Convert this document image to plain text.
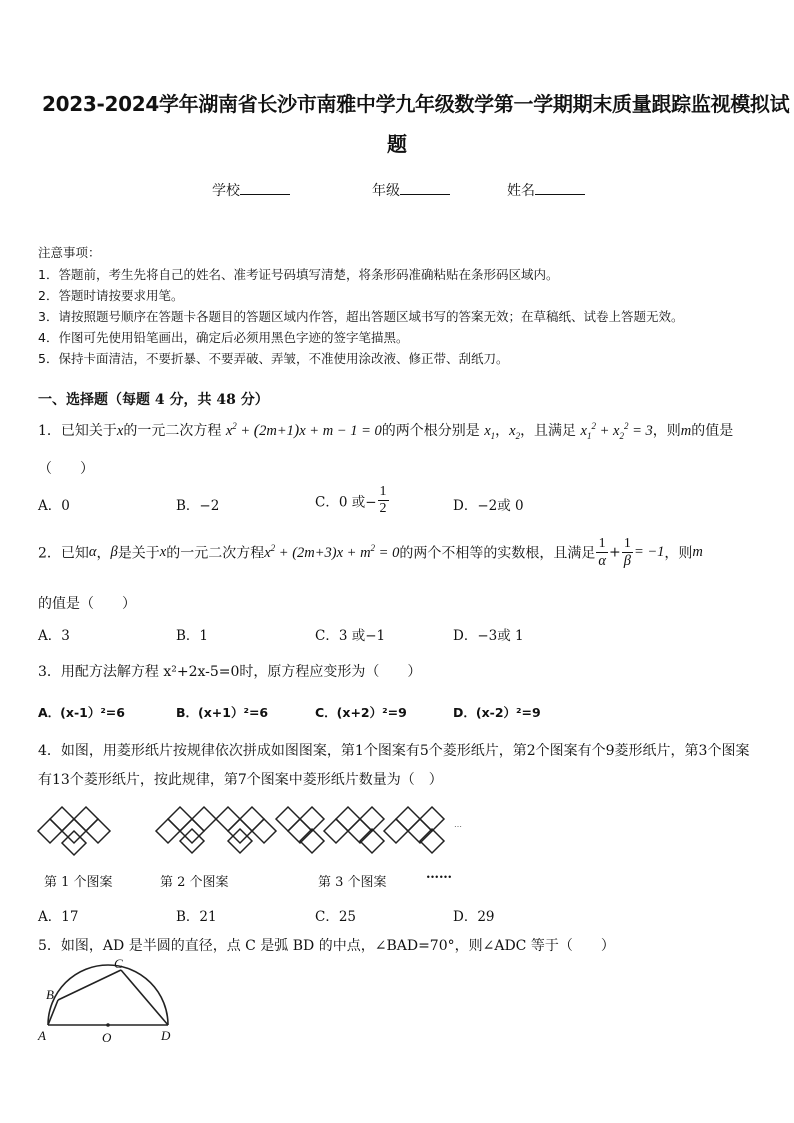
2023-2024学年湖南省长沙市南雅中学九年级数学第一学期期末质量跟踪监视模拟试
题
学校	年级	姓名
注意事项：
1．答题前，考生先将自己的姓名、准考证号码填写清楚，将条形码准确粘贴在条形码区域内。
2．答题时请按要求用笔。
3．请按照题号顺序在答题卡各题目的答题区域内作答，超出答题区域书写的答案无效；在草稿纸、试卷上答题无效。
4．作图可先使用铅笔画出，确定后必须用黑色字迹的签字笔描黑。
5．保持卡面清洁，不要折暴、不要弄破、弄皱，不准使用涂改液、修正带、刮纸刀。
一、选择题（每题 4 分，共 48 分）
1．已知关于x的一元二次方程 $x^2 + (2m+1)x + m - 1 = 0$的两个根分别是 $x_1$，$x_2$，且满足 $x_1^2 + x_2^2 = 3$，则m的值是
（　　）
A．0	B．−2	C．0 或− $\frac{1}{2}$	D．−2或 0
2．已知α，β是关于x的一元二次方程$x^2 + (2m+3)x + m^2 = 0$的两个不相等的实数根，且满足 $\frac{1}{\alpha} + \frac{1}{\beta} = -1$，则m
的值是（　　）
A．3	B．1	C．3 或−1	D．−3或 1
3．用配方法解方程 x²+2x-5=0时，原方程应变形为（　　）
A．(x-1）²=6	B．(x+1）²=6	C．(x+2）²=9	D．(x-2）²=9
4．如图，用菱形纸片按规律依次拼成如图图案，第1个图案有5个菱形纸片，第2个图案有个9菱形纸片，第3个图案
有13个菱形纸片，按此规律，第7个图案中菱形纸片数量为（　）
…
第 1 个图案	第 2 个图案	第 3 个图案
……
A．17	B．21	C．25	D．29
5．如图，AD 是半圆的直径，点 C 是弧 BD 的中点，∠BAD=70°，则∠ADC 等于（　　）
A
B
C
D
O
